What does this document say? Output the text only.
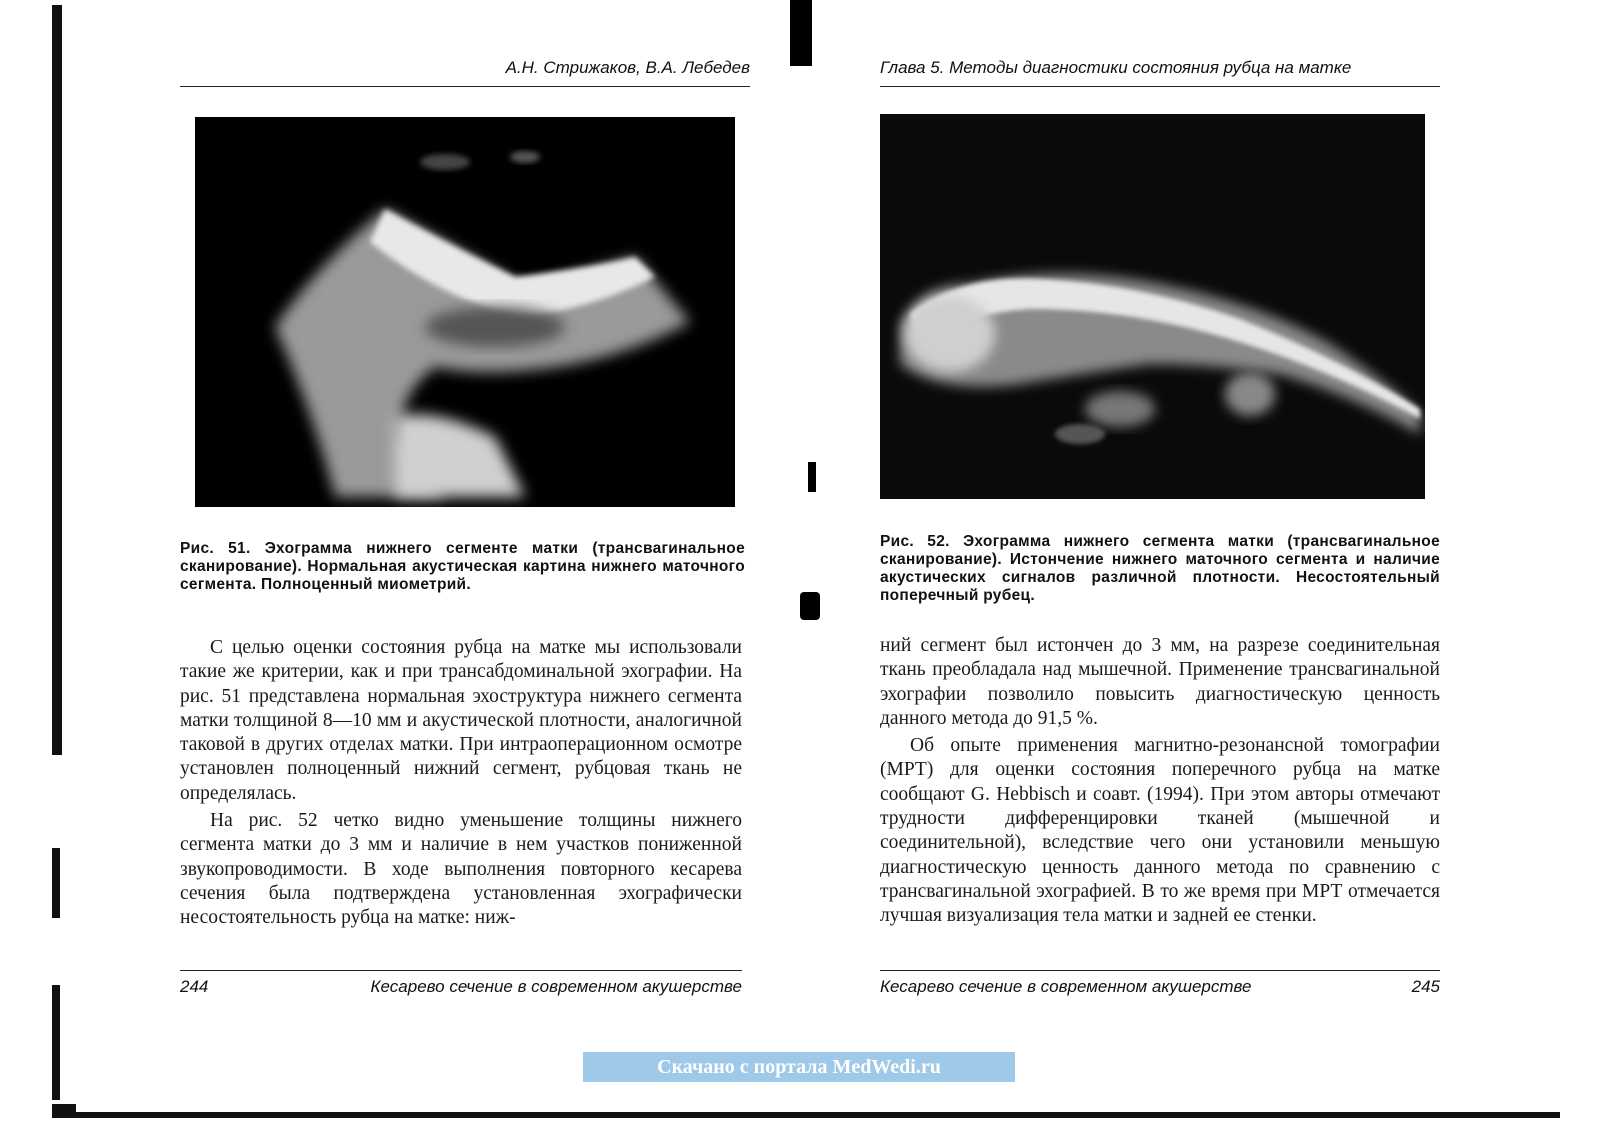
А.Н. Стрижаков, В.А. Лебедев
Рис. 51. Эхограмма нижнего сегменте матки (трансвагинальное сканирование). Нормальная акустическая картина нижнего маточного сегмента. Полноценный миометрий.

С целью оценки состояния рубца на матке мы использовали такие же критерии, как и при трансабдоминальной эхографии. На рис. 51 представлена нормальная эхоструктура нижнего сегмента матки толщиной 8—10 мм и акустической плотности, аналогичной таковой в других отделах матки. При интраоперационном осмотре установлен полноценный нижний сегмент, рубцовая ткань не определялась.

На рис. 52 четко видно уменьшение толщины нижнего сегмента матки до 3 мм и наличие в нем участков пониженной звукопроводимости. В ходе выполнения повторного кесарева сечения была подтверждена установленная эхографически несостоятельность рубца на матке: ниж-

244	Кесарево сечение в современном акушерстве
Глава 5. Методы диагностики состояния рубца на матке
Рис. 52. Эхограмма нижнего сегмента матки (трансвагинальное сканирование). Истончение нижнего маточного сегмента и наличие акустических сигналов различной плотности. Несостоятельный поперечный рубец.

ний сегмент был истончен до 3 мм, на разрезе соединительная ткань преобладала над мышечной. Применение трансвагинальной эхографии позволило повысить диагностическую ценность данного метода до 91,5 %.

Об опыте применения магнитно-резонансной томографии (МРТ) для оценки состояния поперечного рубца на матке сообщают G. Hebbisch и соавт. (1994). При этом авторы отмечают трудности дифференцировки тканей (мышечной и соединительной), вследствие чего они установили меньшую диагностическую ценность данного метода по сравнению с трансвагинальной эхографией. В то же время при МРТ отмечается лучшая визуализация тела матки и задней ее стенки.

Кесарево сечение в современном акушерстве	245
Скачано с портала MedWedi.ru
